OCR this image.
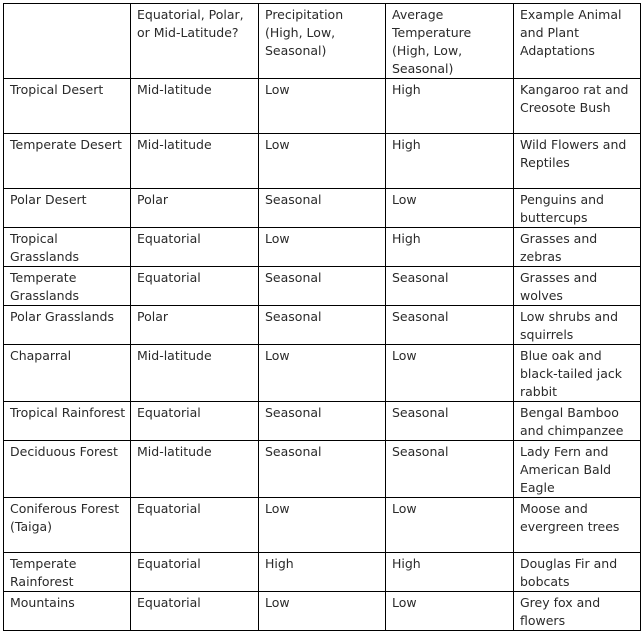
	Equatorial, Polar, or Mid-Latitude?	Precipitation (High, Low, Seasonal)	Average Temperature (High, Low, Seasonal)	Example Animal and Plant Adaptations
Tropical Desert	Mid-latitude	Low	High	Kangaroo rat and Creosote Bush
Temperate Desert	Mid-latitude	Low	High	Wild Flowers and Reptiles
Polar Desert	Polar	Seasonal	Low	Penguins and buttercups
Tropical Grasslands	Equatorial	Low	High	Grasses and zebras
Temperate Grasslands	Equatorial	Seasonal	Seasonal	Grasses and wolves
Polar Grasslands	Polar	Seasonal	Seasonal	Low shrubs and squirrels
Chaparral	Mid-latitude	Low	Low	Blue oak and black-tailed jack rabbit
Tropical Rainforest	Equatorial	Seasonal	Seasonal	Bengal Bamboo and chimpanzee
Deciduous Forest	Mid-latitude	Seasonal	Seasonal	Lady Fern and American Bald Eagle
Coniferous Forest (Taiga)	Equatorial	Low	Low	Moose and evergreen trees
Temperate Rainforest	Equatorial	High	High	Douglas Fir and bobcats
Mountains	Equatorial	Low	Low	Grey fox and flowers
